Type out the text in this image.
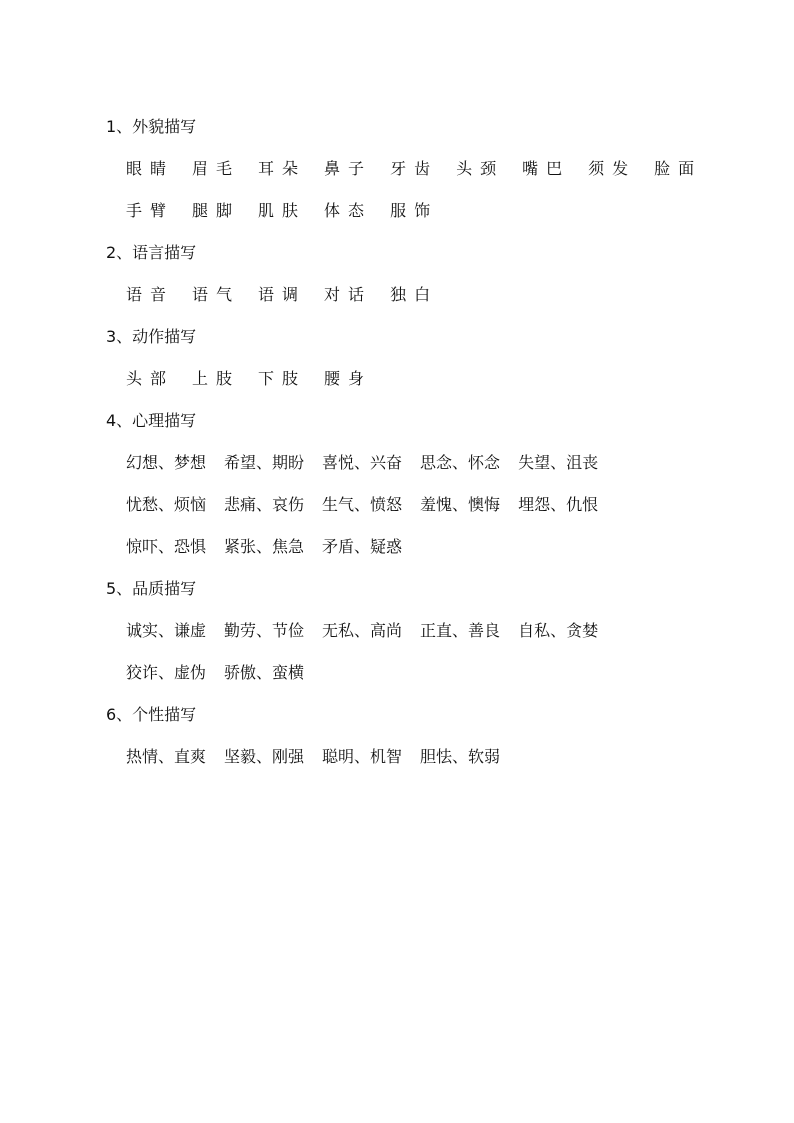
1、外貌描写
眼睛 眉毛 耳朵 鼻子 牙齿 头颈 嘴巴 须发 脸面
手臂 腿脚 肌肤 体态 服饰
2、语言描写
语音 语气 语调 对话 独白
3、动作描写
头部 上肢 下肢 腰身
4、心理描写
幻想、梦想 希望、期盼 喜悦、兴奋 思念、怀念 失望、沮丧
忧愁、烦恼 悲痛、哀伤 生气、愤怒 羞愧、懊悔 埋怨、仇恨
惊吓、恐惧 紧张、焦急 矛盾、疑惑
5、品质描写
诚实、谦虚 勤劳、节俭 无私、高尚 正直、善良 自私、贪婪
狡诈、虚伪 骄傲、蛮横
6、个性描写
热情、直爽 坚毅、刚强 聪明、机智 胆怯、软弱
